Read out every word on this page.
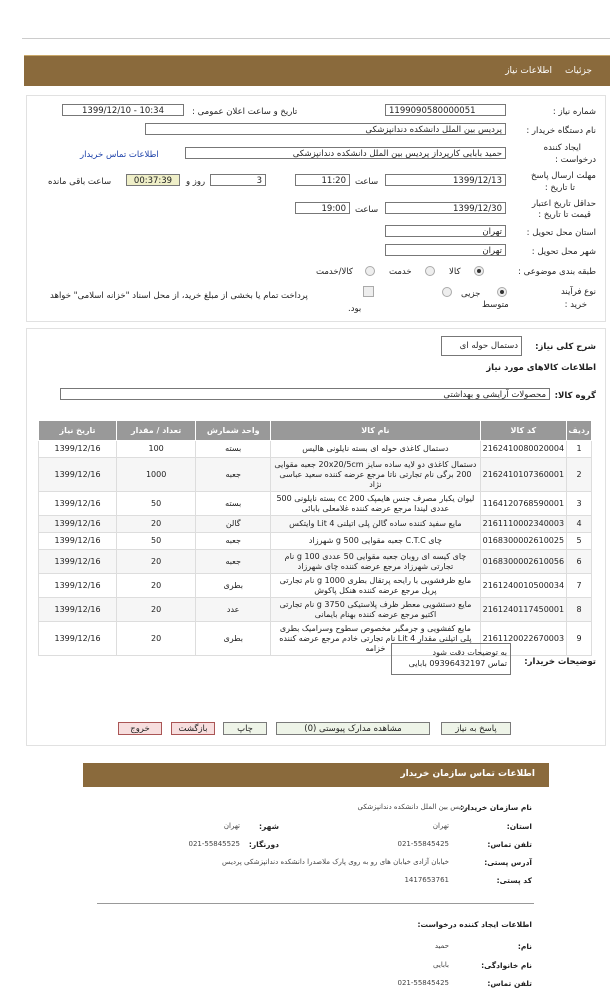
جزئیات
اطلاعات نیاز
شماره نیاز :
1199090580000051
تاریخ و ساعت اعلان عمومی :
1399/12/10 - 10:34
نام دستگاه خریدار :
پردیس بین الملل دانشکده دندانپزشکی
ایجاد کننده
درخواست :
حمید بابایی کارپرداز پردیس بین الملل دانشکده دندانپزشکی
اطلاعات تماس خریدار
مهلت ارسال پاسخ
تا تاریخ :
1399/12/13
ساعت
11:20
3
روز و
00:37:39
ساعت باقی مانده
حداقل تاریخ اعتبار
قیمت تا تاریخ :
1399/12/30
ساعت
19:00
استان محل تحویل :
تهران
شهر محل تحویل :
تهران
طبقه بندی موضوعی :
کالا
خدمت
کالا/خدمت
نوع فرآیند
خرید :
متوسط
جزیی
پرداخت تمام یا بخشی از مبلغ خرید، از محل اسناد "خزانه اسلامی" خواهد
بود.
شرح کلی نیاز:
دستمال حوله ای
اطلاعات کالاهای مورد نیاز
گروه کالا:
محصولات آرایشی و بهداشتی
ردیف	کد کالا	نام کالا	واحد شمارش	تعداد / مقدار	تاریخ نیاز
1	2162410080020004	دستمال کاغذی حوله ای بسته نایلونی هالیس	بسته	100	1399/12/16
2	2162410107360001	دستمال کاغذی دو لایه ساده سایز 20x20/5cm جعبه مقوایی 200 برگی نام تجارتی ناتا مرجع عرضه کننده سعید عباسی نژاد	جعبه	1000	1399/12/16
3	1164120768590001	لیوان یکبار مصرف جنس هایمپک 200 cc بسته نایلونی 500 عددی لیندا مرجع عرضه کننده غلامعلی بابائی	بسته	50	1399/12/16
4	2161110002340003	مایع سفید کننده ساده گالن پلی اتیلنی 4 Lit وایتکس	گالن	20	1399/12/16
5	0168300002610025	چای C.T.C جعبه مقوایی 500 g شهرزاد	جعبه	50	1399/12/16
6	0168300002610056	چای کیسه ای روبان جعبه مقوایی 50 عددی 100 g نام تجارتی شهرزاد مرجع عرضه کننده چای شهرزاد	جعبه	20	1399/12/16
7	2161240010500034	مایع ظرفشویی با رایحه پرتقال بطری 1000 g نام تجارتی پریل مرجع عرضه کننده هنکل پاکوش	بطری	20	1399/12/16
8	2161240117450001	مایع دستشویی معطر ظرف پلاستیکی 3750 g نام تجارتی اکتیو مرجع عرضه کننده بهنام بایمانی	عدد	20	1399/12/16
9	2161120022670003	مایع کفشویی و جرمگیر مخصوص سطوح وسرامیک بطری پلی اتیلنی مقدار 4 Lit نام تجارتی خادم مرجع عرضه کننده خزامه	بطری	20	1399/12/16
توضیحات خریدار:
به توضیحات دقت شود
تماس 09396432197 بابایی
پاسخ به نیاز
مشاهده مدارک پیوستی (0)
چاپ
بازگشت
خروج
اطلاعات تماس سازمان خریدار
نام سازمان خریدار:
پردیس بین الملل دانشکده دندانپزشکی
استان:
تهران
شهر:
تهران
تلفن تماس:
021-55845425
دورنگار:
021-55845525
آدرس پستی:
خیابان آزادی خیابان های رو به روی پارک ملاصدرا دانشکده دندانپزشکی پردیس
کد پستی:
1417653761
اطلاعات ایجاد کننده درخواست:
نام:
حمید
نام خانوادگی:
بابایی
تلفن تماس:
021-55845425
